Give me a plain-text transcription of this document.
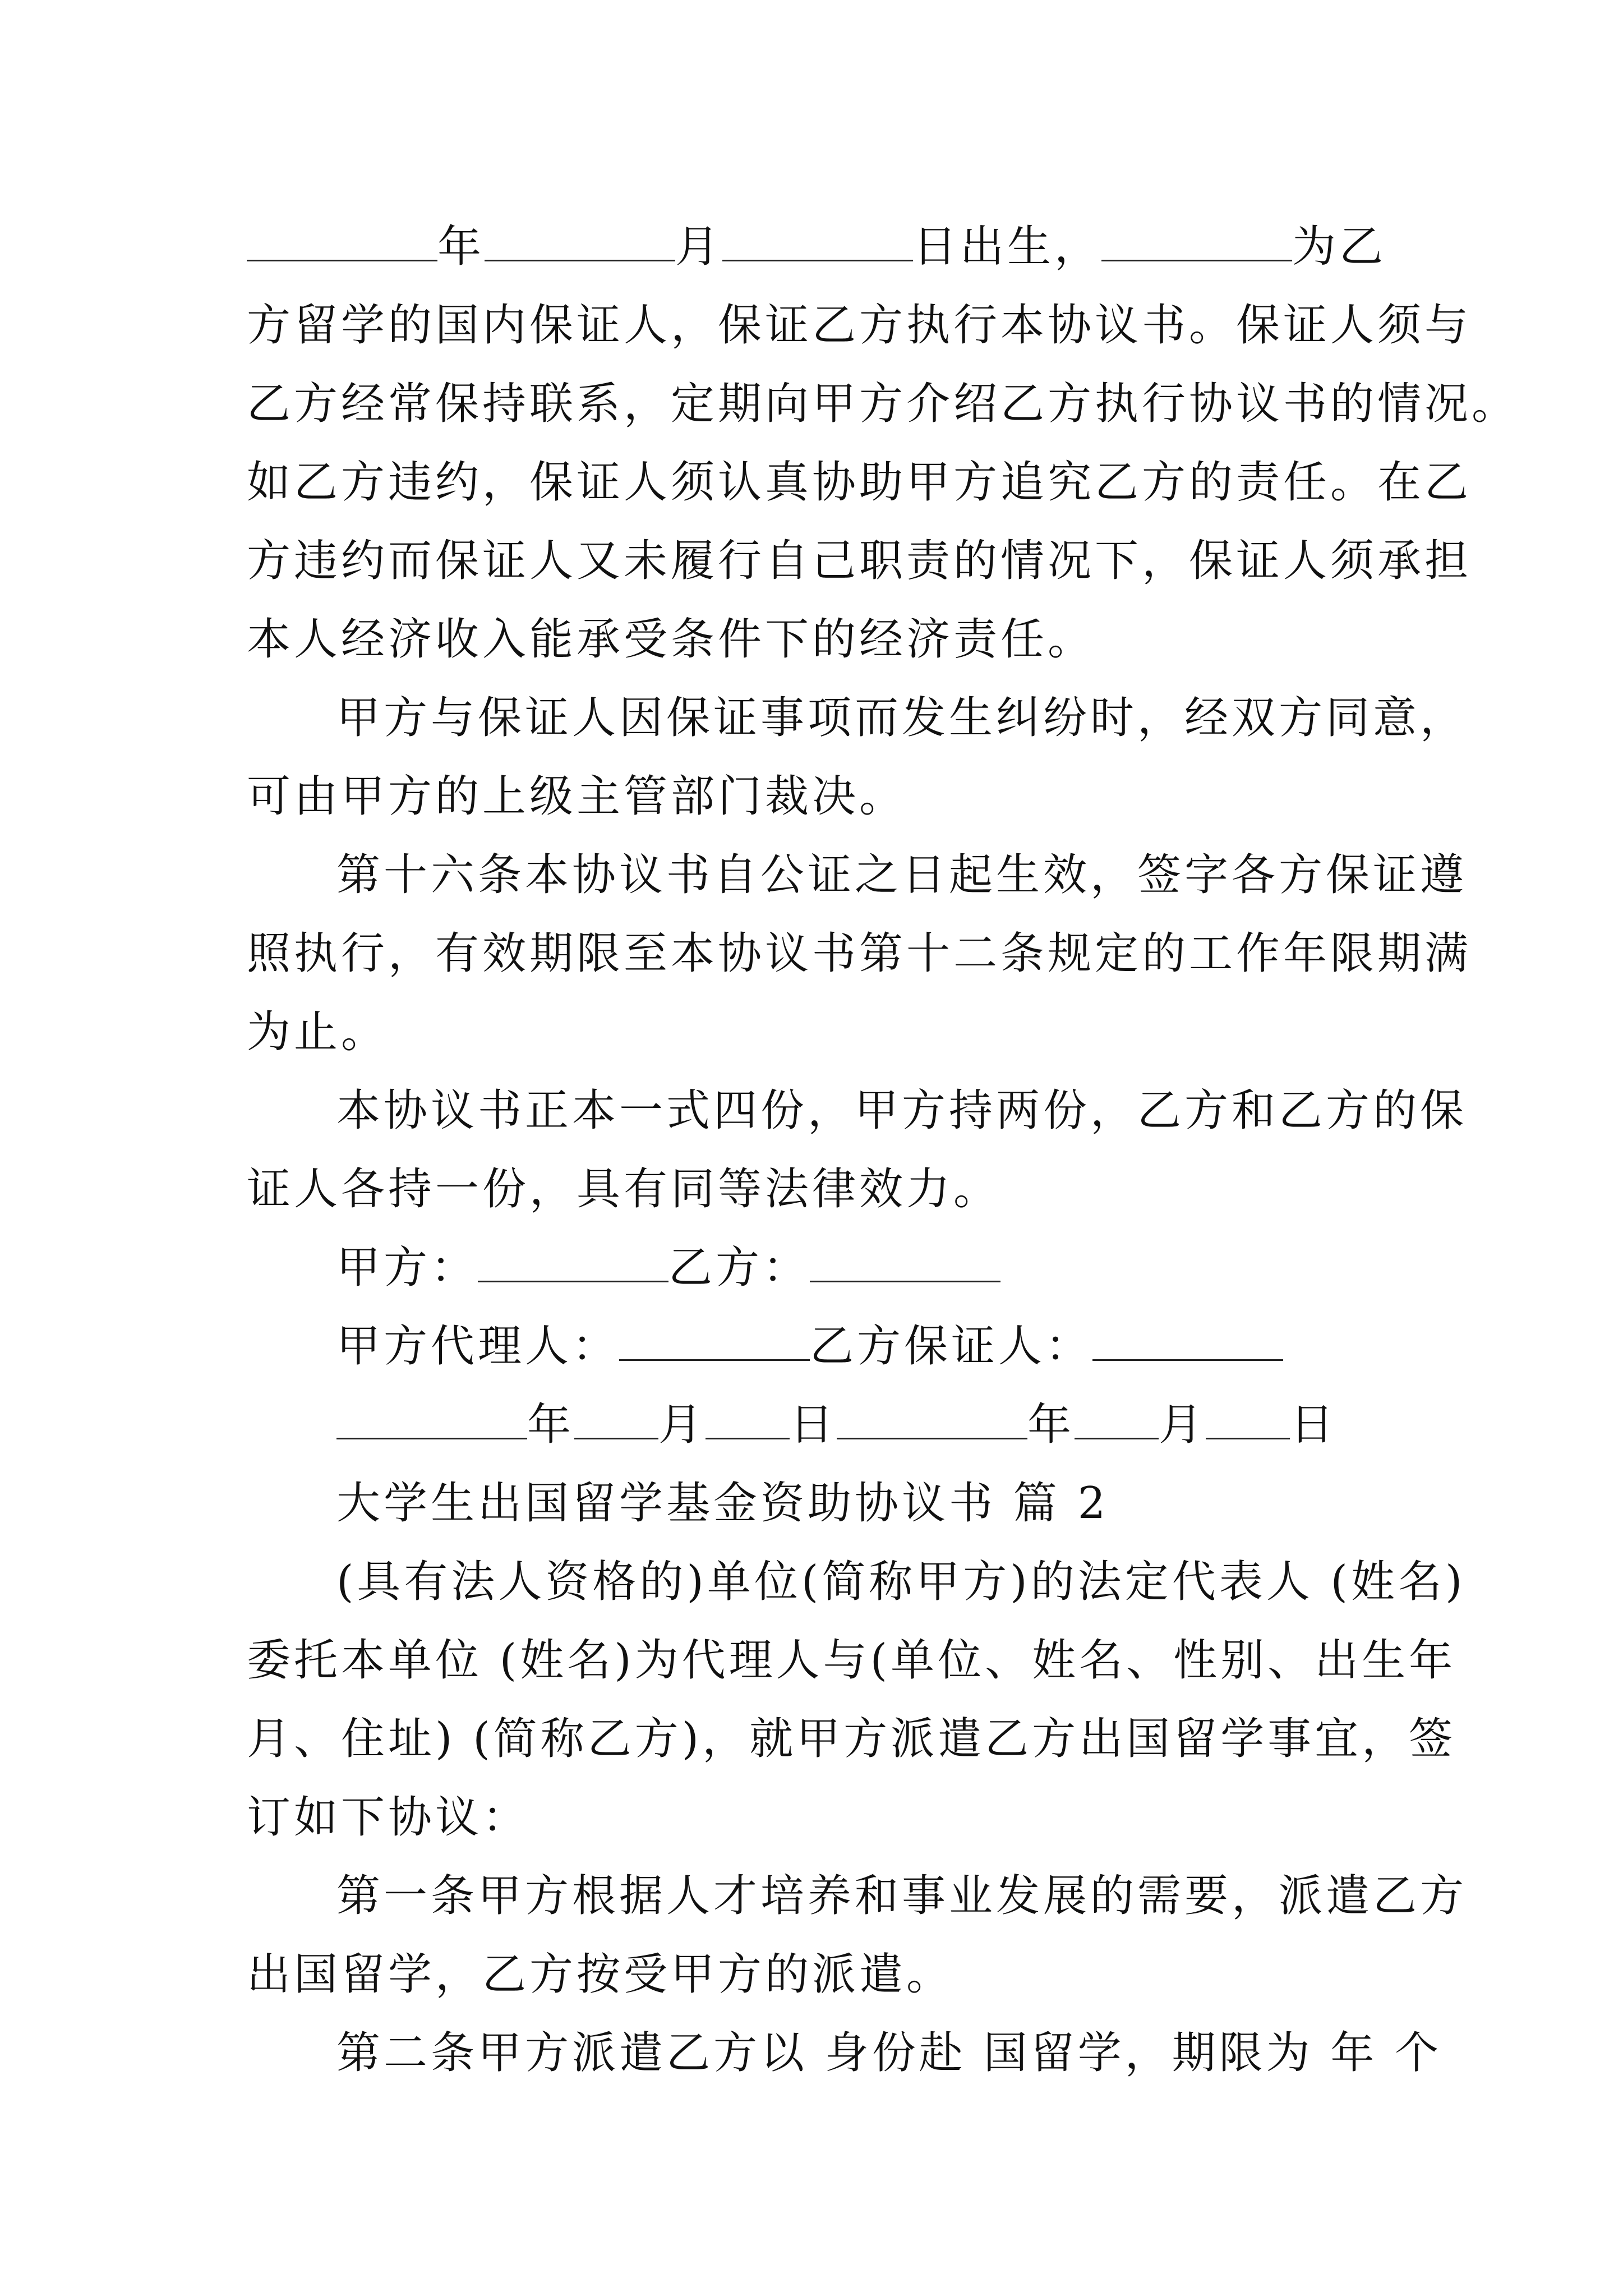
年	月	日出生，	为乙
方留学的国内保证人，保证乙方执行本协议书。保证人须与
乙方经常保持联系，定期向甲方介绍乙方执行协议书的情况。
如乙方违约，保证人须认真协助甲方追究乙方的责任。在乙
方违约而保证人又未履行自己职责的情况下，保证人须承担
本人经济收入能承受条件下的经济责任。
甲方与保证人因保证事项而发生纠纷时，经双方同意，
可由甲方的上级主管部门裁决。
第十六条本协议书自公证之日起生效，签字各方保证遵
照执行，有效期限至本协议书第十二条规定的工作年限期满
为止。
本协议书正本一式四份，甲方持两份，乙方和乙方的保
证人各持一份，具有同等法律效力。
甲方：	乙方：
甲方代理人：	乙方保证人：
年 月 日	年 月 日
大学生出国留学基金资助协议书 篇 2
(具有法人资格的)单位(简称甲方)的法定代表人 (姓名)
委托本单位 (姓名)为代理人与(单位、姓名、性别、出生年
月、住址) (简称乙方)，就甲方派遣乙方出国留学事宜，签
订如下协议：
第一条甲方根据人才培养和事业发展的需要，派遣乙方
出国留学，乙方按受甲方的派遣。
第二条甲方派遣乙方以 身份赴 国留学，期限为 年 个
